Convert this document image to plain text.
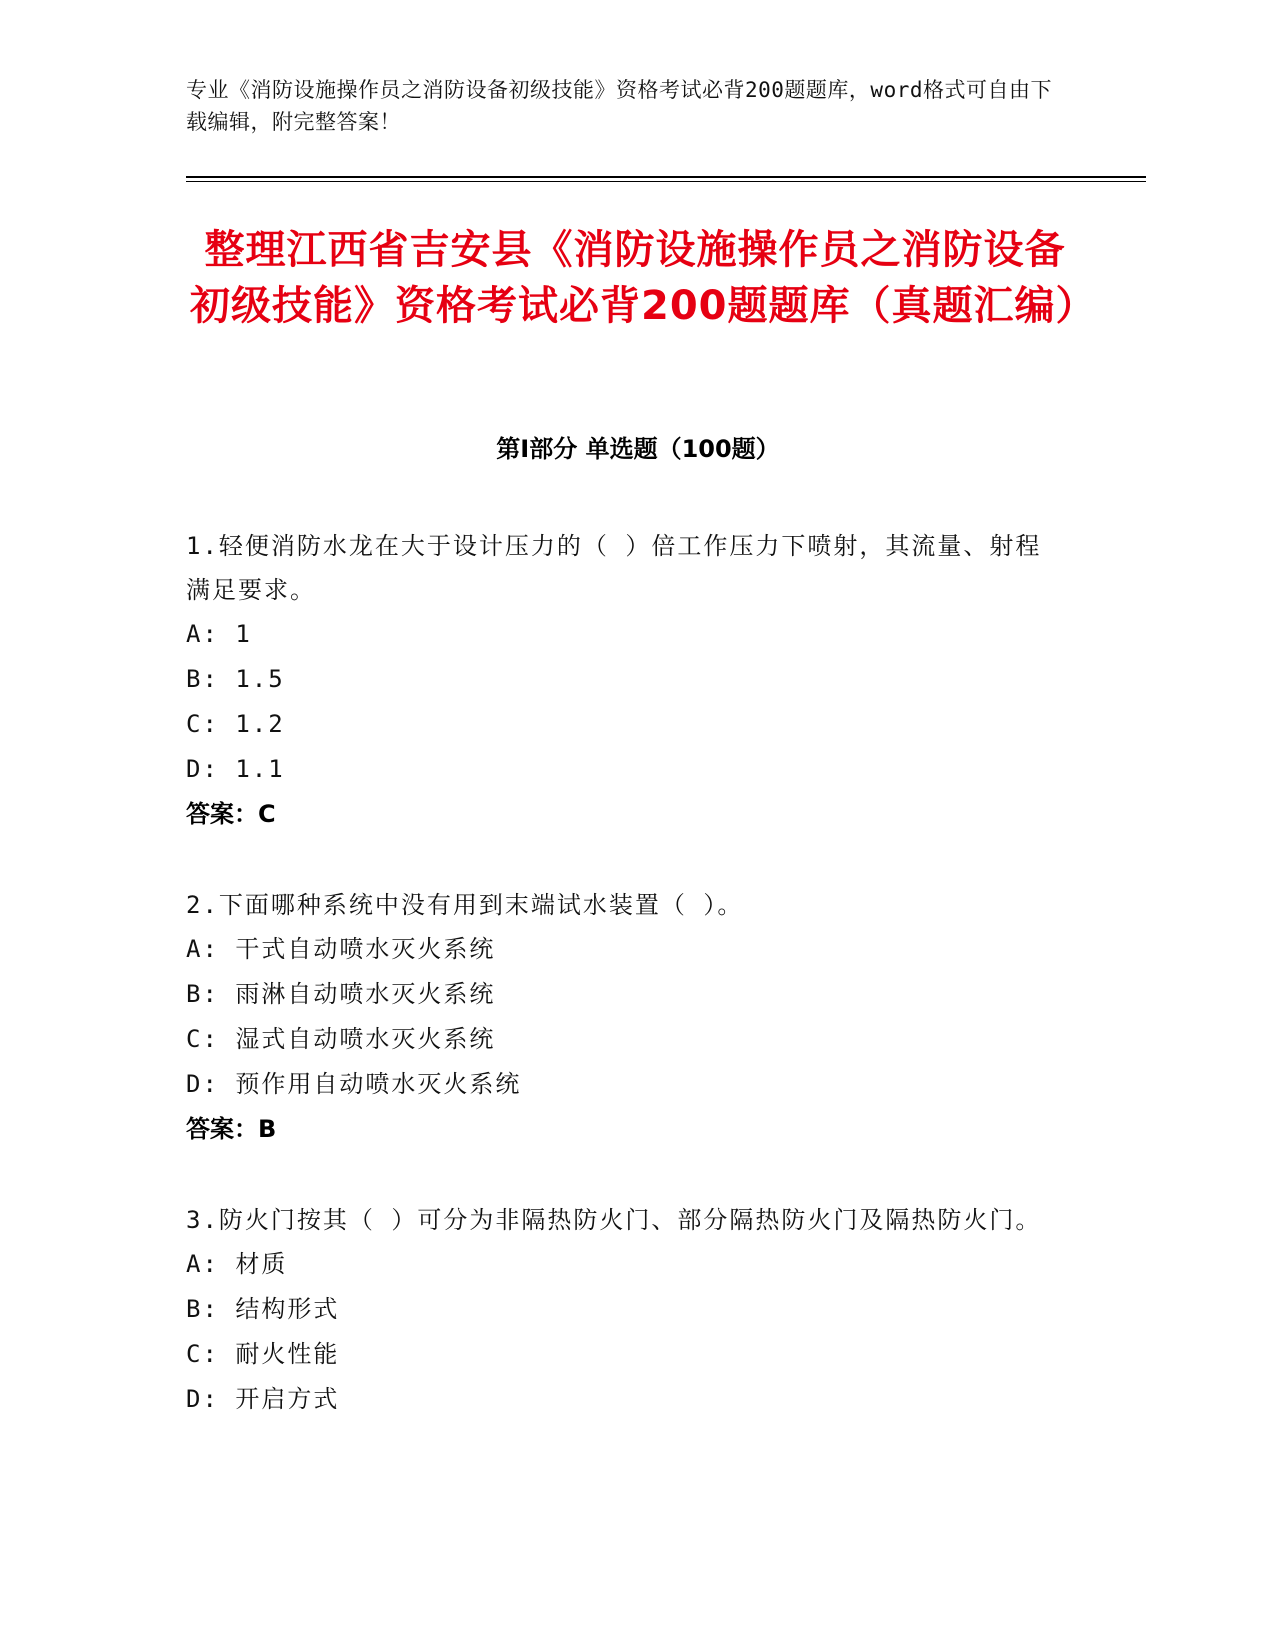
专业《消防设施操作员之消防设备初级技能》资格考试必背200题题库，word格式可自由下载编辑，附完整答案！
整理江西省吉安县《消防设施操作员之消防设备初级技能》资格考试必背200题题库（真题汇编）
第Ⅰ部分 单选题（100题）

1.轻便消防水龙在大于设计压力的（ ）倍工作压力下喷射，其流量、射程满足要求。

A: 1

B: 1.5

C: 1.2

D: 1.1

答案：C

2.下面哪种系统中没有用到末端试水装置（ ）。

A: 干式自动喷水灭火系统

B: 雨淋自动喷水灭火系统

C: 湿式自动喷水灭火系统

D: 预作用自动喷水灭火系统

答案：B

3.防火门按其（ ）可分为非隔热防火门、部分隔热防火门及隔热防火门。

A: 材质

B: 结构形式

C: 耐火性能

D: 开启方式
